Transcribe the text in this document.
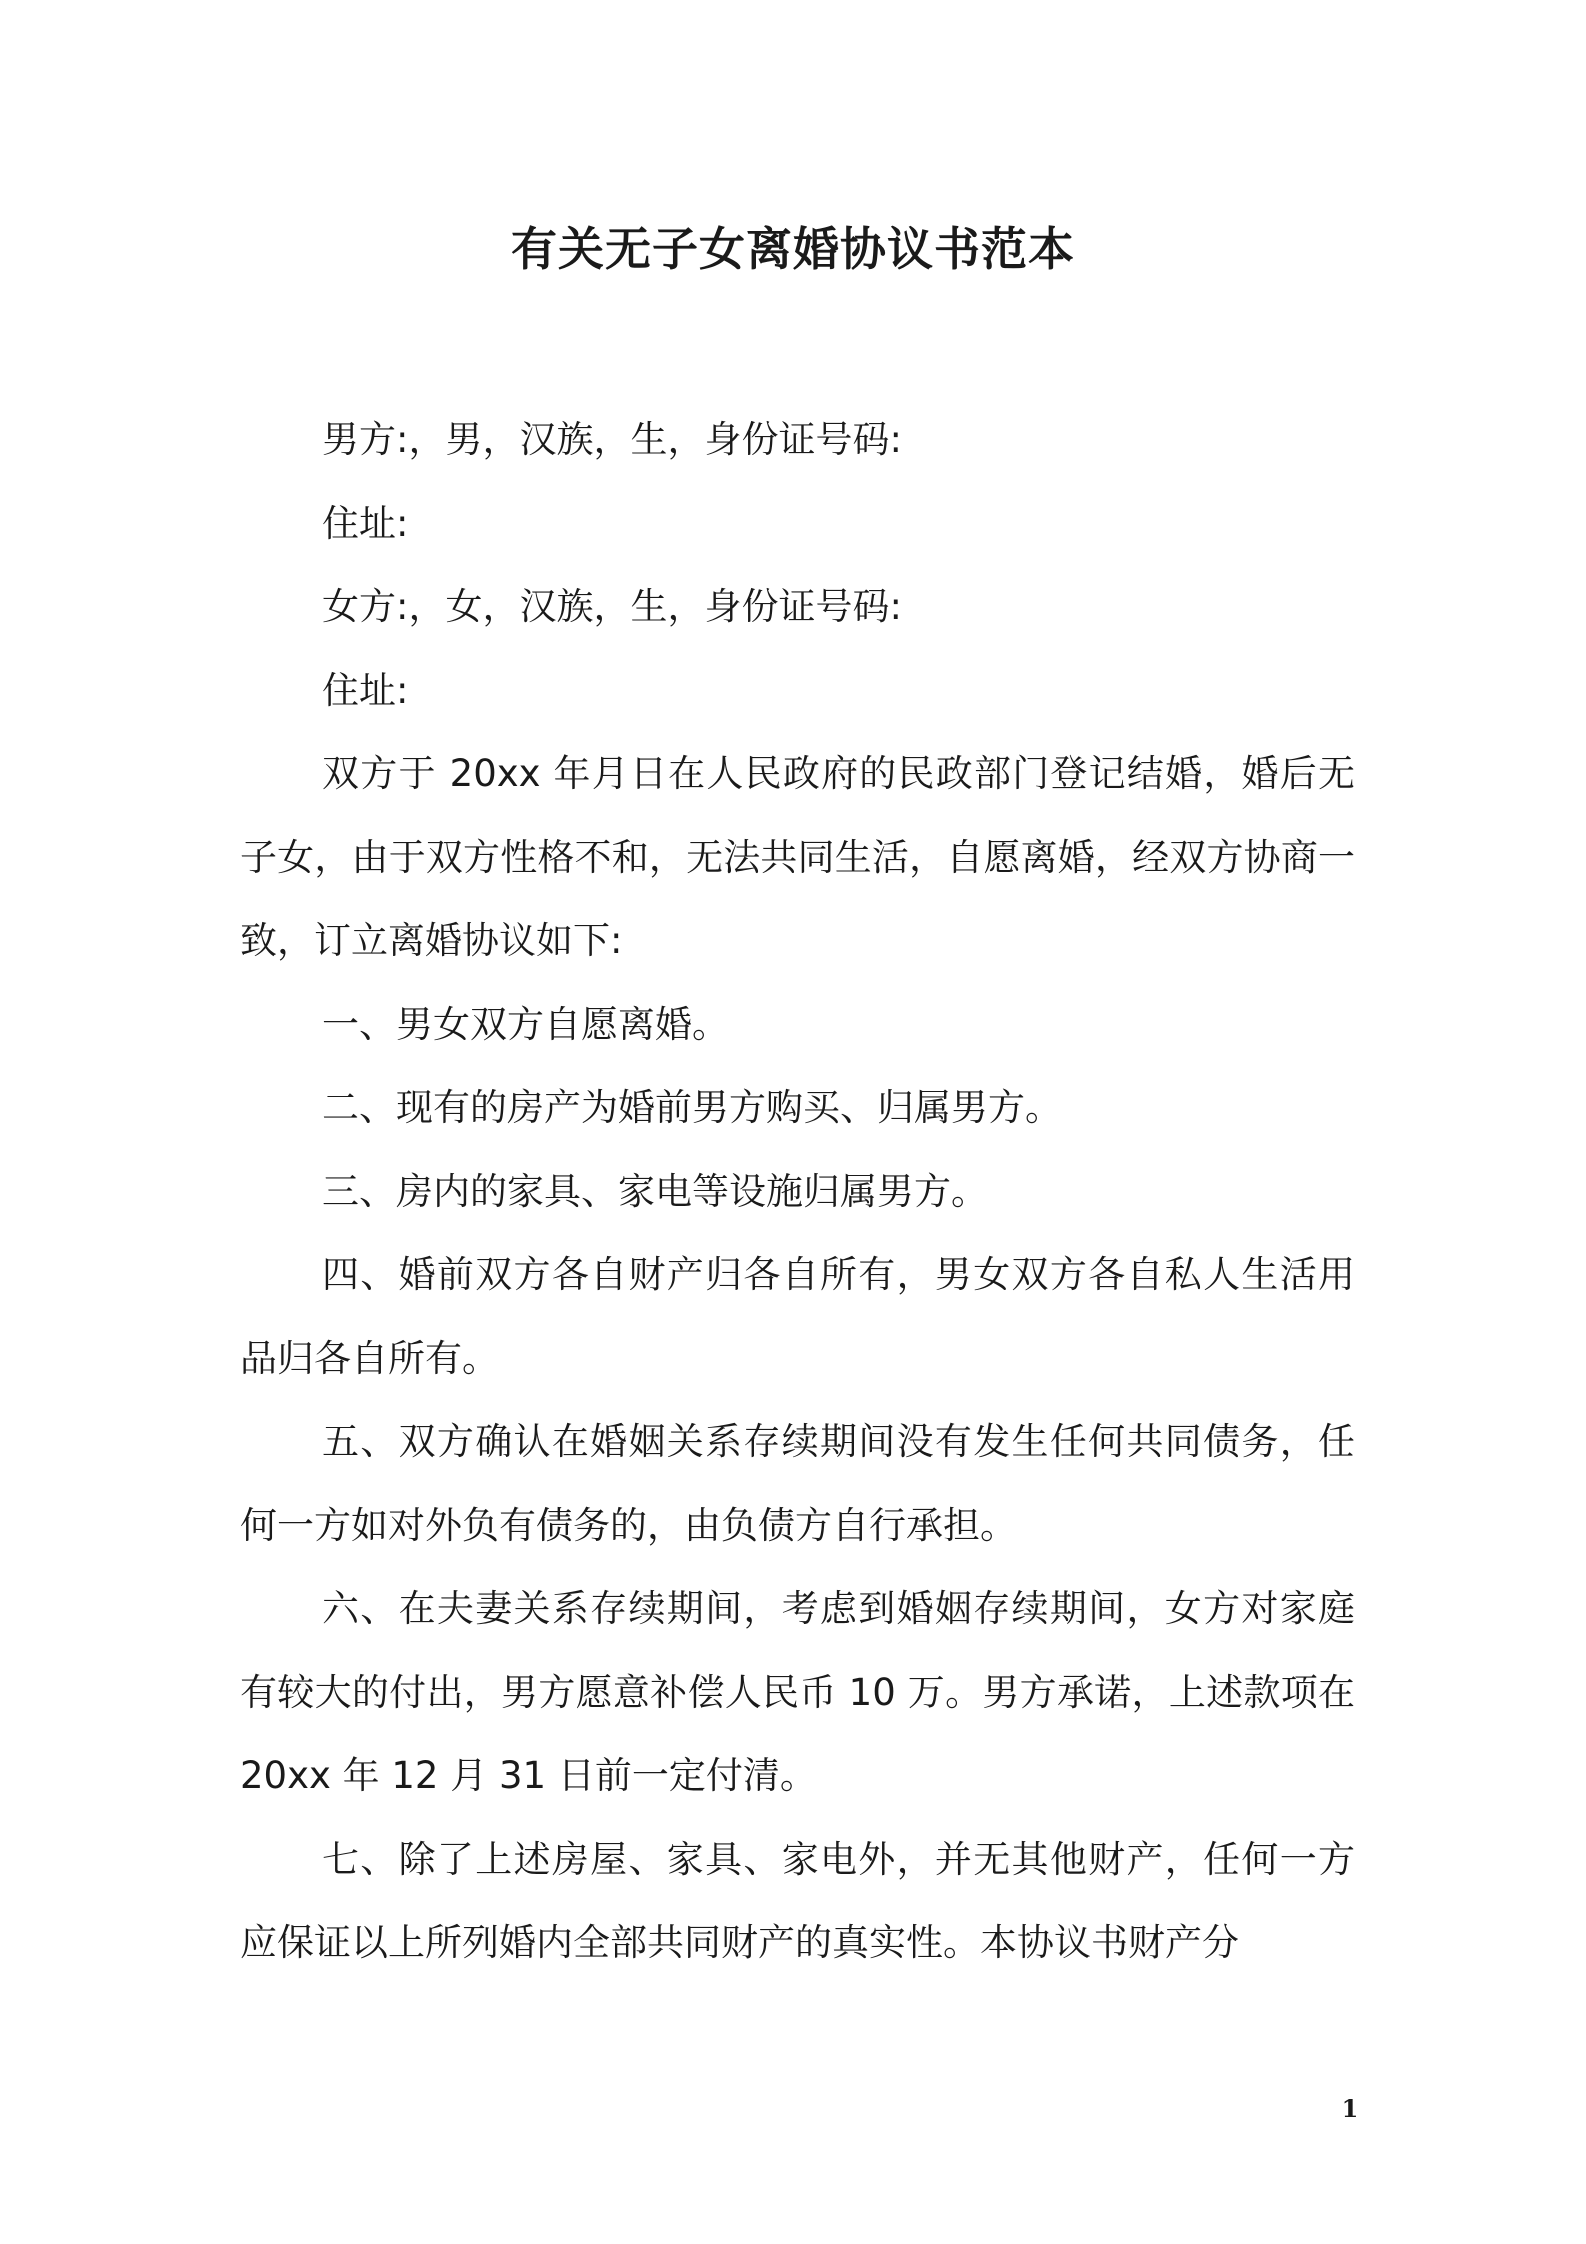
有关无子女离婚协议书范本

男方:，男，汉族，生，身份证号码:

住址:

女方:，女，汉族，生，身份证号码:

住址:

双方于 20xx 年月日在人民政府的民政部门登记结婚，婚后无子女，由于双方性格不和，无法共同生活，自愿离婚，经双方协商一致，订立离婚协议如下:

一、男女双方自愿离婚。

二、现有的房产为婚前男方购买、归属男方。

三、房内的家具、家电等设施归属男方。

四、婚前双方各自财产归各自所有，男女双方各自私人生活用品归各自所有。

五、双方确认在婚姻关系存续期间没有发生任何共同债务，任何一方如对外负有债务的，由负债方自行承担。

六、在夫妻关系存续期间，考虑到婚姻存续期间，女方对家庭有较大的付出，男方愿意补偿人民币 10 万。男方承诺，上述款项在 20xx 年 12 月 31 日前一定付清。

七、除了上述房屋、家具、家电外，并无其他财产，任何一方应保证以上所列婚内全部共同财产的真实性。本协议书财产分

1
